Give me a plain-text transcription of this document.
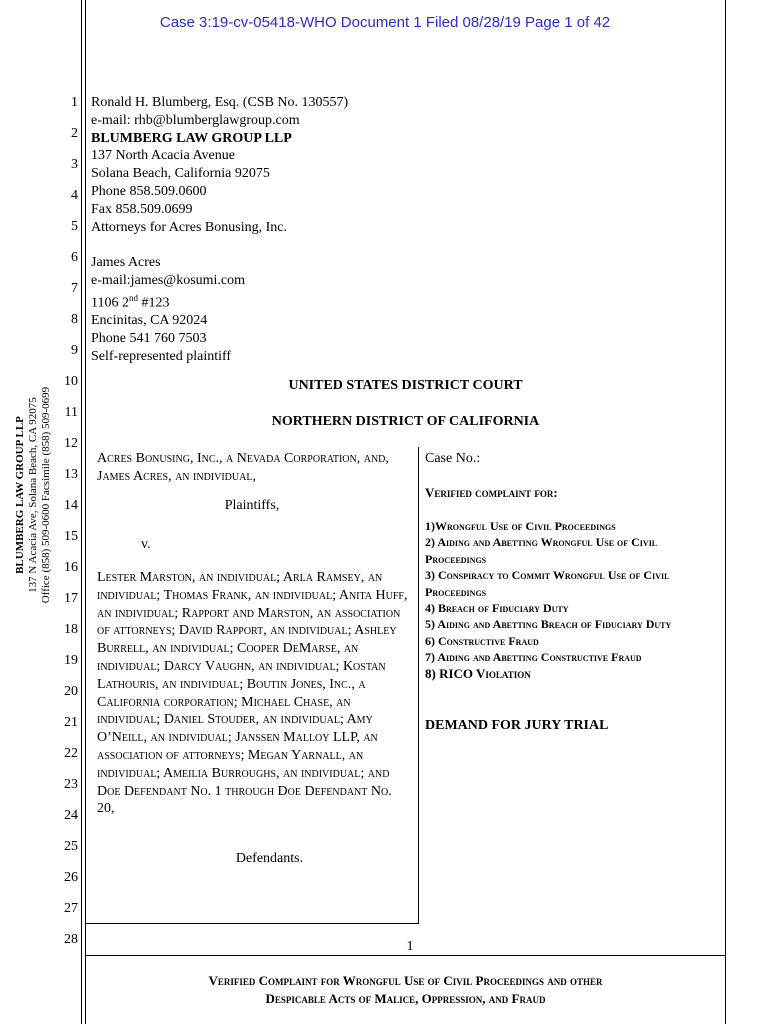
Case 3:19-cv-05418-WHO Document 1 Filed 08/28/19 Page 1 of 42
BLUMBERG LAW GROUP LLP 137 N Acacia Ave, Solana Beach, CA 92075 Office (858) 509-0600 Facsimile (858) 509-0699
1
2
3
4
5
6
7
8
9
10
11
12
13
14
15
16
17
18
19
20
21
22
23
24
25
26
27
28
Ronald H. Blumberg, Esq. (CSB No. 130557)
e-mail: rhb@blumberglawgroup.com
BLUMBERG LAW GROUP LLP
137 North Acacia Avenue
Solana Beach, California 92075
Phone 858.509.0600
Fax 858.509.0699
Attorneys for Acres Bonusing, Inc.
James Acres
e-mail:james@kosumi.com
1106 2nd #123
Encinitas, CA 92024
Phone 541 760 7503
Self-represented plaintiff
UNITED STATES DISTRICT COURT
NORTHERN DISTRICT OF CALIFORNIA
Acres Bonusing, Inc., a Nevada Corporation, and, James Acres, an individual,
Plaintiffs,
v.
Lester Marston, an individual; Arla Ramsey, an individual; Thomas Frank, an individual; Anita Huff, an individual; Rapport and Marston, an association of attorneys; David Rapport, an individual; Ashley Burrell, an individual; Cooper DeMarse, an individual; Darcy Vaughn, an individual; Kostan Lathouris, an individual; Boutin Jones, Inc., a California corporation; Michael Chase, an individual; Daniel Stouder, an individual; Amy O’Neill, an individual; Janssen Malloy LLP, an association of attorneys; Megan Yarnall, an individual; Ameilia Burroughs, an individual; and Doe Defendant No. 1 through Doe Defendant No. 20,
Defendants.
Case No.:
Verified complaint for:
1)Wrongful Use of Civil Proceedings
2) Aiding and Abetting Wrongful Use of Civil Proceedings
3) Conspiracy to Commit Wrongful Use of Civil Proceedings
4) Breach of Fiduciary Duty
5) Aiding and Abetting Breach of Fiduciary Duty
6) Constructive Fraud
7) Aiding and Abetting Constructive Fraud
8) RICO Violation
DEMAND FOR JURY TRIAL
1
Verified Complaint for Wrongful Use of Civil Proceedings and other
Despicable Acts of Malice, Oppression, and Fraud
